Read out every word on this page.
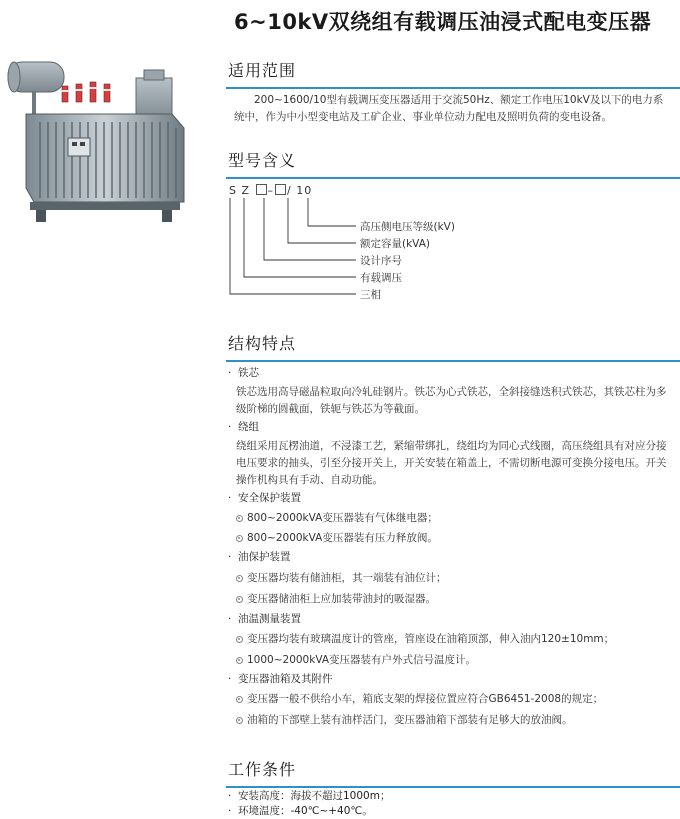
6~10kV双绕组有载调压油浸式配电变压器
适用范围
200~1600/10型有载调压变压器适用于交流50Hz、额定工作电压10kV及以下的电力系统中，作为中小型变电站及工矿企业、事业单位动力配电及照明负荷的变电设备。
型号含义
S Z – / 10
高压侧电压等级(kV)
额定容量(kVA)
设计序号
有载调压
三相
结构特点
· 铁芯
铁芯选用高导磁晶粒取向冷轧硅钢片。铁芯为心式铁芯，全斜接缝迭积式铁芯，其铁芯柱为多级阶梯的圆截面，铁轭与铁芯为等截面。
· 绕组
绕组采用瓦楞油道，不浸漆工艺，紧缩带绑扎，绕组均为同心式线圈，高压绕组具有对应分接电压要求的抽头，引至分接开关上，开关安装在箱盖上，不需切断电源可变换分接电压。开关操作机构具有手动、自动功能。
· 安全保护装置
800~2000kVA变压器装有气体继电器；
800~2000kVA变压器装有压力释放阀。
· 油保护装置
变压器均装有储油柜，其一端装有油位计；
变压器储油柜上应加装带油封的吸湿器。
· 油温测量装置
变压器均装有玻璃温度计的管座，管座设在油箱顶部，伸入油内120±10mm；
1000~2000kVA变压器装有户外式信号温度计。
· 变压器油箱及其附件
变压器一般不供给小车，箱底支架的焊接位置应符合GB6451-2008的规定；
油箱的下部壁上装有油样活门，变压器油箱下部装有足够大的放油阀。
工作条件
· 安装高度：海拔不超过1000m；
· 环境温度：-40℃~+40℃。
